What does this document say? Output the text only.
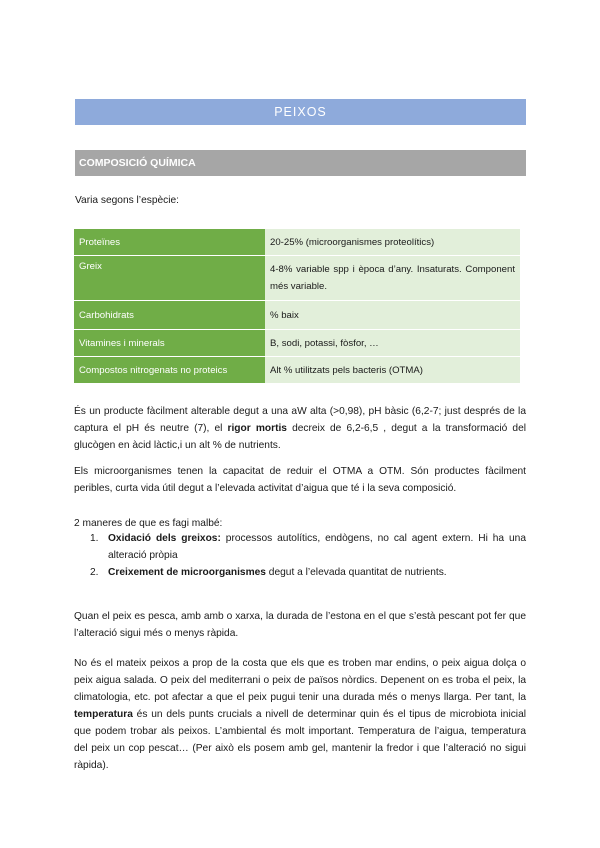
PEIXOS
COMPOSICIÓ QUÍMICA
Varia segons l’espècie:
Proteïnes	20-25% (microorganismes proteolítics)
Greix	4-8% variable spp i època d’any. Insaturats. Component més variable.
Carbohidrats	% baix
Vitamines i minerals	B, sodi, potassi, fòsfor, …
Compostos nitrogenats no proteics	Alt % utilitzats pels bacteris (OTMA)

És un producte fàcilment alterable degut a una aW alta (>0,98), pH bàsic (6,2-7; just després de la captura el pH és neutre (7), el rigor mortis decreix de 6,2-6,5 , degut a la transformació del glucògen en àcid làctic,i un alt % de nutrients.

Els microorganismes tenen la capacitat de reduir el OTMA a OTM. Són productes fàcilment peribles, curta vida útil degut a l’elevada activitat d’aigua que té i la seva composició.

2 maneres de que es fagi malbé:

1. Oxidació dels greixos: processos autolítics, endògens, no cal agent extern. Hi ha una alteració pròpia
2. Creixement de microorganismes degut a l’elevada quantitat de nutrients.

Quan el peix es pesca, amb amb o xarxa, la durada de l’estona en el que s’està pescant pot fer que l’alteració sigui més o menys ràpida.

No és el mateix peixos a prop de la costa que els que es troben mar endins, o peix aigua dolça o peix aigua salada. O peix del mediterrani o peix de països nòrdics. Depenent on es troba el peix, la climatologia, etc. pot afectar a que el peix pugui tenir una durada més o menys llarga. Per tant, la temperatura és un dels punts crucials a nivell de determinar quin és el tipus de microbiota inicial que podem trobar als peixos. L’ambiental és molt important. Temperatura de l’aigua, temperatura del peix un cop pescat… (Per això els posem amb gel, mantenir la fredor i que l’alteració no sigui ràpida).
